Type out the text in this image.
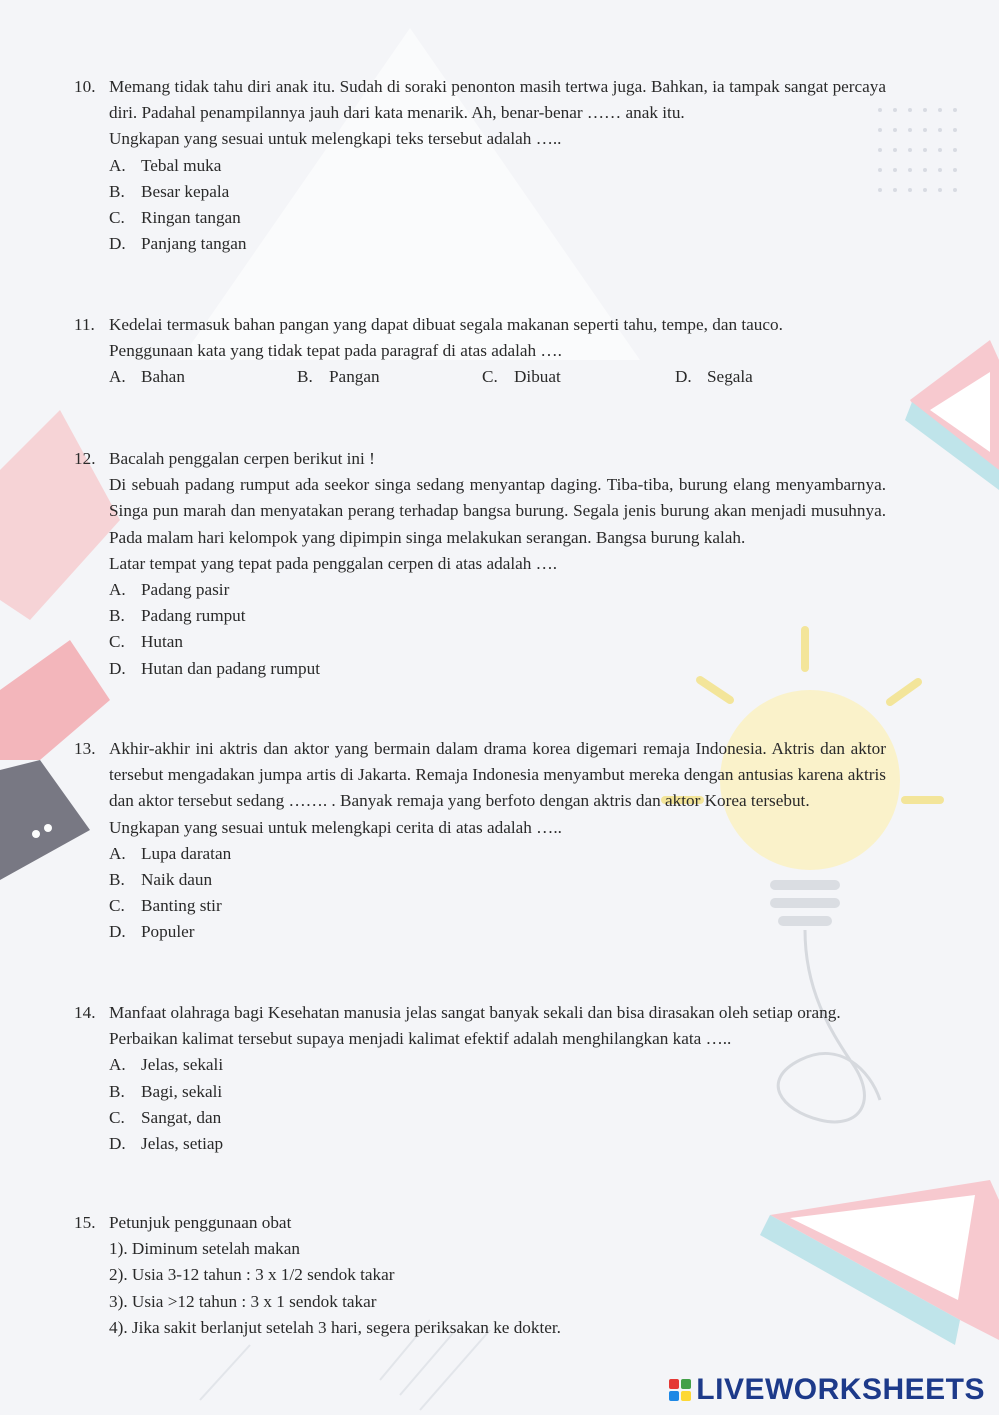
10. Memang tidak tahu diri anak itu. Sudah di soraki penonton masih tertwa juga. Bahkan, ia tampak sangat percaya diri. Padahal penampilannya jauh dari kata menarik. Ah, benar-benar …… anak itu.
Ungkapan yang sesuai untuk melengkapi teks tersebut adalah …..
A. Tebal muka
B. Besar kepala
C. Ringan tangan
D. Panjang tangan
11. Kedelai termasuk bahan pangan yang dapat dibuat segala makanan seperti tahu, tempe, dan tauco.
Penggunaan kata yang tidak tepat pada paragraf di atas adalah ….
A. Bahan	B. Pangan	C. Dibuat	D. Segala
12. Bacalah penggalan cerpen berikut ini !
Di sebuah padang rumput ada seekor singa sedang menyantap daging. Tiba-tiba, burung elang menyambarnya. Singa pun marah dan menyatakan perang terhadap bangsa burung. Segala jenis burung akan menjadi musuhnya. Pada malam hari kelompok yang dipimpin singa melakukan serangan. Bangsa burung kalah.
Latar tempat yang tepat pada penggalan cerpen di atas adalah ….
A. Padang pasir
B. Padang rumput
C. Hutan
D. Hutan dan padang rumput
13. Akhir-akhir ini aktris dan aktor yang bermain dalam drama korea digemari remaja Indonesia. Aktris dan aktor tersebut mengadakan jumpa artis di Jakarta. Remaja Indonesia menyambut mereka dengan antusias karena aktris dan aktor tersebut sedang ……. . Banyak remaja yang berfoto dengan aktris dan aktor Korea tersebut.
Ungkapan yang sesuai untuk melengkapi cerita di atas adalah …..
A. Lupa daratan
B. Naik daun
C. Banting stir
D. Populer
14. Manfaat olahraga bagi Kesehatan manusia jelas sangat banyak sekali dan bisa dirasakan oleh setiap orang.
Perbaikan kalimat tersebut supaya menjadi kalimat efektif adalah menghilangkan kata …..
A. Jelas, sekali
B. Bagi, sekali
C. Sangat, dan
D. Jelas, setiap
15. Petunjuk penggunaan obat
1). Diminum setelah makan
2). Usia 3-12 tahun : 3 x 1/2 sendok takar
3). Usia >12 tahun : 3 x 1 sendok takar
4). Jika sakit berlanjut setelah 3 hari, segera periksakan ke dokter.
LIVEWORKSHEETS
